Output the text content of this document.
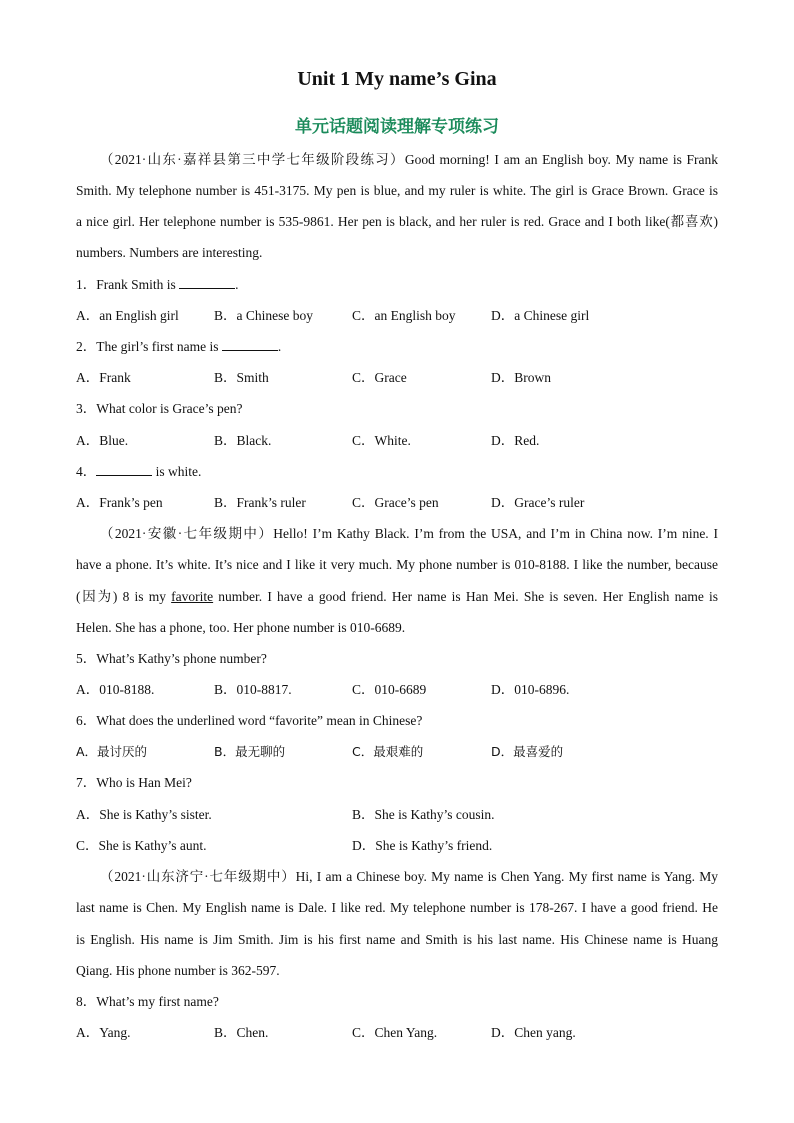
Unit 1 My name’s Gina
单元话题阅读理解专项练习
（2021·山东·嘉祥县第三中学七年级阶段练习）Good morning! I am an English boy. My name is Frank
Smith. My telephone number is 451-3175. My pen is blue, and my ruler is white. The girl is Grace Brown. Grace is
a nice girl. Her telephone number is 535-9861. Her pen is black, and her ruler is red. Grace and I both like(都喜欢)
numbers. Numbers are interesting.
1．Frank Smith is	.
A．an English girl	B．a Chinese boy	C．an English boy	D．a Chinese girl
2．The girl’s first name is	.
A．Frank	B．Smith	C．Grace	D．Brown
3．What color is Grace’s pen?
A．Blue.	B．Black.	C．White.	D．Red.
4．	is white.
A．Frank’s pen	B．Frank’s ruler	C．Grace’s pen	D．Grace’s ruler
（2021·安徽·七年级期中）Hello! I’m Kathy Black. I’m from the USA, and I’m in China now. I’m nine. I
have a phone. It’s white. It’s nice and I like it very much. My phone number is 010-8188. I like the number, because
(因为) 8 is my favorite number. I have a good friend. Her name is Han Mei. She is seven. Her English name is
Helen. She has a phone, too. Her phone number is 010-6689.
5．What’s Kathy’s phone number?
A．010-8188.	B．010-8817.	C．010-6689	D．010-6896.
6．What does the underlined word “favorite” mean in Chinese?
A．最讨厌的	B．最无聊的	C．最艰难的	D．最喜爱的
7．Who is Han Mei?
A．She is Kathy’s sister.	B．She is Kathy’s cousin.
C．She is Kathy’s aunt.	D．She is Kathy’s friend.
（2021·山东济宁·七年级期中）Hi, I am a Chinese boy. My name is Chen Yang. My first name is Yang. My
last name is Chen. My English name is Dale. I like red. My telephone number is 178-267. I have a good friend. He
is English. His name is Jim Smith. Jim is his first name and Smith is his last name. His Chinese name is Huang
Qiang. His phone number is 362-597.
8．What’s my first name?
A．Yang.	B．Chen.	C．Chen Yang.	D．Chen yang.
